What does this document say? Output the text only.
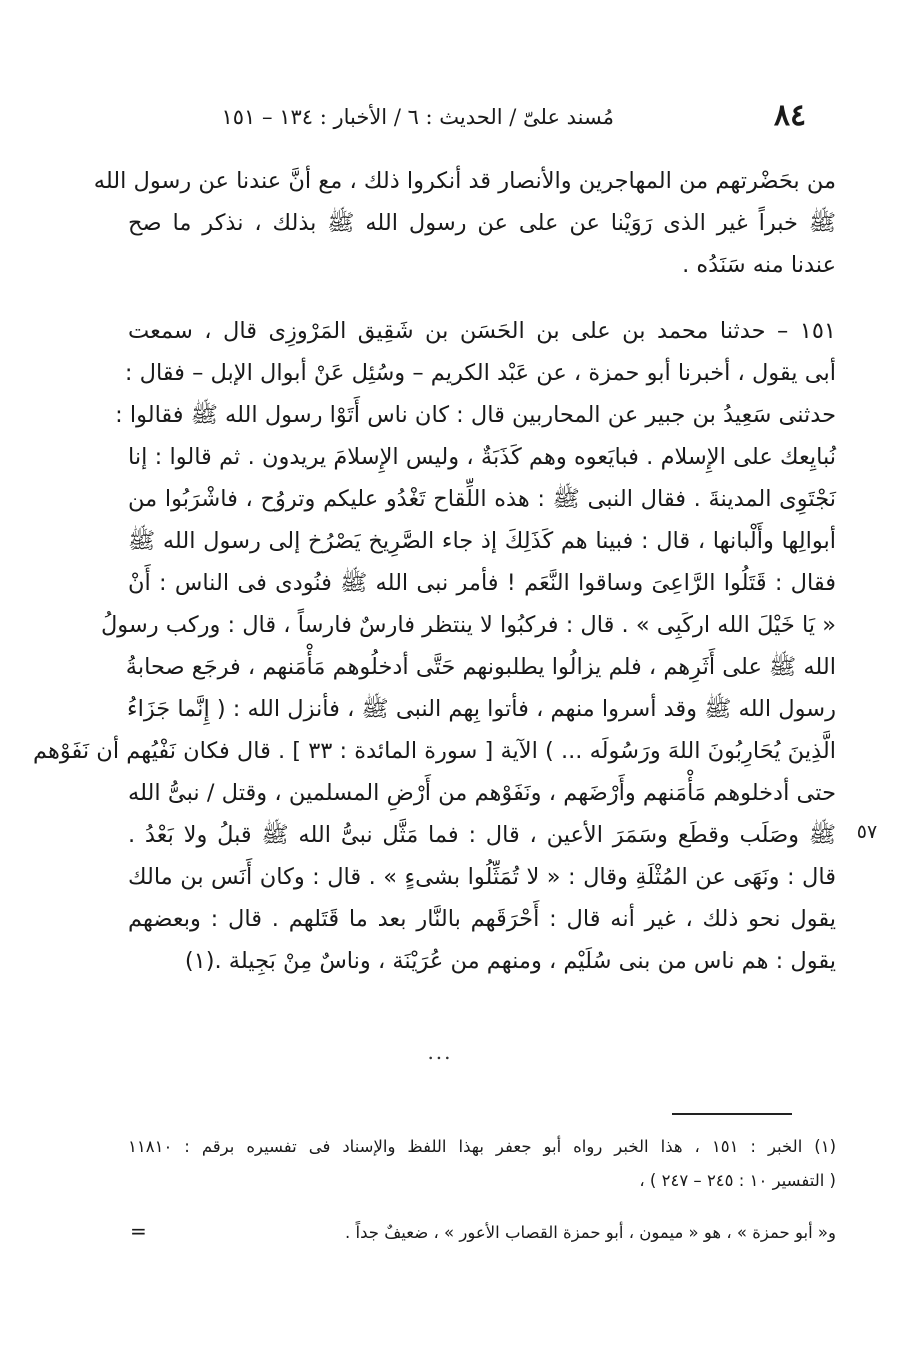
٨٤
مُسند علىّ / الحديث : ٦ / الأخبار : ١٣٤ – ١٥١
من بحَضْرتهم من المهاجرين والأنصار قد أنكروا ذلك ، مع أنَّ عندنا عن رسول الله
ﷺ خبراً غير الذى رَوَيْنا عن على عن رسول الله ﷺ بذلك ، نذكر ما صح
عندنا منه سَنَدُه .
١٥١ – حدثنا محمد بن على بن الحَسَن بن شَقِيق المَرْوزِى قال ، سمعت
أبى يقول ، أخبرنا أبو حمزة ، عن عَبْد الكريم – وسُئِل عَنْ أبوال الإبل – فقال :
حدثنى سَعِيدُ بن جبير عن المحاربين قال : كان ناس أَتَوْا رسول الله ﷺ فقالوا :
نُبايِعك على الإِسلام . فبايَعوه وهم كَذَبَةٌ ، وليس الإِسلامَ يريدون . ثم قالوا : إنا
نَجْتَوِى المدينةَ . فقال النبى ﷺ : هذه اللِّقاح تَغْدُو عليكم وتروُح ، فاشْرَبُوا من
أبوالِها وأَلْبانها ، قال : فبينا هم كَذَلِكَ إذ جاء الصَّرِيخ يَصْرُخ إلى رسول الله ﷺ
فقال : قَتَلُوا الرَّاعِىَ وساقوا النَّعَم ! فأمر نبى الله ﷺ فنُودى فى الناس : أَنْ
« يَا خَيْلَ الله اركَبِى » . قال : فركبُوا لا ينتظر فارسٌ فارساً ، قال : وركب رسولُ
الله ﷺ على أَثَرِهم ، فلم يزالُوا يطلبونهم حَتَّى أدخلُوهم مَأْمَنهم ، فرجَع صحابةُ
رسول الله ﷺ وقد أسروا منهم ، فأتوا بِهم النبى ﷺ ، فأنزل الله : ( إِنَّما جَزَاءُ
الَّذِينَ يُحَارِبُونَ اللهَ ورَسُولَه ... ) الآية [ سورة المائدة : ٣٣ ] . قال فكان نَفْيُهم أن نَفَوْهم
حتى أدخلوهم مَأْمَنهم وأَرْضَهم ، ونَفَوْهم من أَرْضِ المسلمين ، وقتل / نبىُّ الله
ﷺ وصَلَب وقطَع وسَمَرَ الأعين ، قال : فما مَثَّل نبىُّ الله ﷺ قبلُ ولا بَعْدُ .
قال : ونَهَى عن المُثْلَةِ وقال : « لا تُمَثِّلُوا بشىءٍ » . قال : وكان أَنَس بن مالك
يقول نحو ذلك ، غير أنه قال : أَحْرَقَهم بالنَّار بعد ما قَتَلهم . قال : وبعضهم
يقول : هم ناس من بنى سُلَيْم ، ومنهم من عُرَيْنَة ، وناسٌ مِنْ بَجِيلة .(١)
٥٧
...
(١) الخبر : ١٥١ ، هذا الخبر رواه أبو جعفر بهذا اللفظ والإسناد فى تفسيره برقم : ١١٨١٠
( التفسير ١٠ : ٢٤٥ – ٢٤٧ ) ،
و« أبو حمزة » ، هو « ميمون ، أبو حمزة القصاب الأعور » ، ضعيفٌ جداً .
=
